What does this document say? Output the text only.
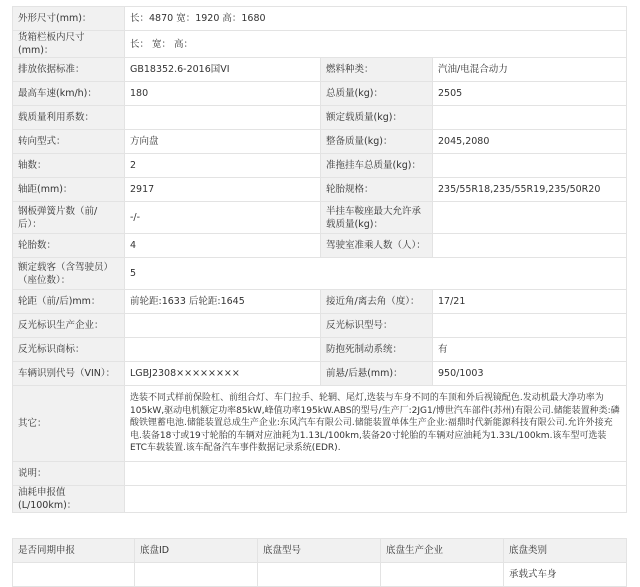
外形尺寸(mm)：	长：4870 宽：1920 高：1680		
货箱栏板内尺寸(mm)：	长： 宽： 高：		
排放依据标准：	GB18352.6-2016国VI	燃料种类：	汽油/电混合动力
最高车速(km/h)：	180	总质量(kg)：	2505
载质量利用系数：		额定载质量(kg)：	
转向型式：	方向盘	整备质量(kg)：	2045,2080
轴数：	2	准拖挂车总质量(kg)：	
轴距(mm)：	2917	轮胎规格：	235/55R18,235/55R19,235/50R20
钢板弹簧片数（前/后）：	-/-	半挂车鞍座最大允许承载质量(kg)：	
轮胎数：	4	驾驶室准乘人数（人）：	
额定载客（含驾驶员）（座位数）：	5		
轮距（前/后)mm：	前轮距:1633 后轮距:1645	接近角/离去角（度）：	17/21
反光标识生产企业：		反光标识型号：	
反光标识商标：		防抱死制动系统：	有
车辆识别代号（VIN）：	LGBJ2308××××××××	前悬/后悬(mm)：	950/1003
其它：	选装不同式样前保险杠、前组合灯、车门拉手、轮辋、尾灯,选装与车身不同的车顶和外后视镜配色.发动机最大净功率为105kW,驱动电机额定功率85kW,峰值功率195kW.ABS的型号/生产厂:2JG1/博世汽车部件(苏州)有限公司.储能装置种类:磷酸铁锂蓄电池.储能装置总成生产企业:东风汽车有限公司.储能装置单体生产企业:福鼎时代新能源科技有限公司.允许外接充电.装备18寸或19寸轮胎的车辆对应油耗为1.13L/100km,装备20寸轮胎的车辆对应油耗为1.33L/100km.该车型可选装ETC车载装置.该车配备汽车事件数据记录系统(EDR).		
说明：			
油耗申报值(L/100km)：			
是否同期申报	底盘ID	底盘型号	底盘生产企业	底盘类别
				承载式车身
